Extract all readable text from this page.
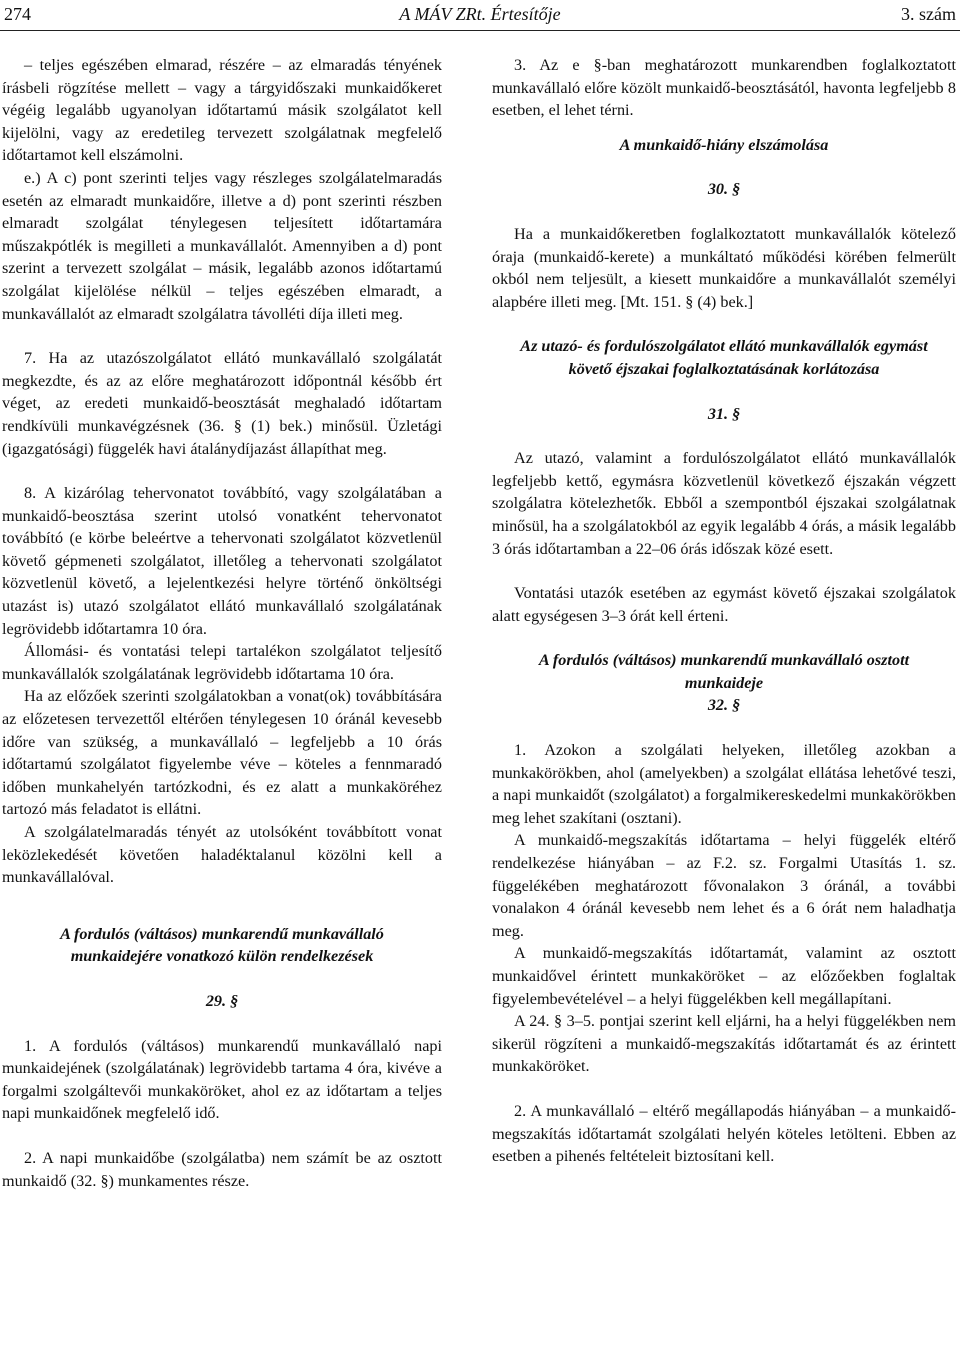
274	A MÁV ZRt. Értesítője	3. szám

– teljes egészében elmarad, részére – az elmaradás tényének írásbeli rögzítése mellett – vagy a tárgyidőszaki munkaidőkeret végéig legalább ugyanolyan időtartamú másik szolgálatot kell kijelölni, vagy az eredetileg tervezett szolgálatnak megfelelő időtartamot kell elszámolni.

e.) A c) pont szerinti teljes vagy részleges szolgálatelmaradás esetén az elmaradt munkaidőre, illetve a d) pont szerinti részben elmaradt szolgálat ténylegesen teljesített időtartamára műszakpótlék is megilleti a munkavállalót. Amennyiben a d) pont szerint a tervezett szolgálat – másik, legalább azonos időtartamú szolgálat kijelölése nélkül – teljes egészében elmaradt, a munkavállalót az elmaradt szolgálatra távolléti díja illeti meg.

7. Ha az utazószolgálatot ellátó munkavállaló szolgálatát megkezdte, és az az előre meghatározott időpontnál később ért véget, az eredeti munkaidő-beosztását meghaladó időtartam rendkívüli munkavégzésnek (36. § (1) bek.) minősül. Üzletági (igazgatósági) függelék havi átalánydíjazást állapíthat meg.

8. A kizárólag tehervonatot továbbító, vagy szolgálatában a munkaidő-beosztása szerint utolsó vonatként tehervonatot továbbító (e körbe beleértve a tehervonati szolgálatot közvetlenül követő gépmeneti szolgálatot, illetőleg a tehervonati szolgálatot közvetlenül követő, a lejelentkezési helyre történő önköltségi utazást is) utazó szolgálatot ellátó munkavállaló szolgálatának legrövidebb időtartamra 10 óra.

Állomási- és vontatási telepi tartalékon szolgálatot teljesítő munkavállalók szolgálatának legrövidebb időtartama 10 óra.

Ha az előzőek szerinti szolgálatokban a vonat(ok) továbbítására az előzetesen tervezettől eltérően ténylegesen 10 óránál kevesebb időre van szükség, a munkavállaló – legfeljebb a 10 órás időtartamú szolgálatot figyelembe véve – köteles a fennmaradó időben munkahelyén tartózkodni, és ez alatt a munkaköréhez tartozó más feladatot is ellátni.

A szolgálatelmaradás tényét az utolsóként továbbított vonat leközlekedését követően haladéktalanul közölni kell a munkavállalóval.

A fordulós (váltásos) munkarendű munkavállaló munkaidejére vonatkozó külön rendelkezések
29. §

1. A fordulós (váltásos) munkarendű munkavállaló napi munkaidejének (szolgálatának) legrövidebb tartama 4 óra, kivéve a forgalmi szolgáltevői munkaköröket, ahol ez az időtartam a teljes napi munkaidőnek megfelelő idő.

2. A napi munkaidőbe (szolgálatba) nem számít be az osztott munkaidő (32. §) munkamentes része.

3. Az e §-ban meghatározott munkarendben foglalkoztatott munkavállaló előre közölt munkaidő-beosztásától, havonta legfeljebb 8 esetben, el lehet térni.

A munkaidő-hiány elszámolása
30. §

Ha a munkaidőkeretben foglalkoztatott munkavállalók kötelező óraja (munkaidő-kerete) a munkáltató működési körében felmerült okból nem teljesült, a kiesett munkaidőre a munkavállalót személyi alapbére illeti meg. [Mt. 151. § (4) bek.]

Az utazó- és fordulószolgálatot ellátó munkavállalók egymást követő éjszakai foglalkoztatásának korlátozása
31. §

Az utazó, valamint a fordulószolgálatot ellátó munkavállalók legfeljebb kettő, egymásra közvetlenül következő éjszakán végzett szolgálatra kötelezhetők. Ebből a szempontból éjszakai szolgálatnak minősül, ha a szolgálatokból az egyik legalább 4 órás, a másik legalább 3 órás időtartamban a 22–06 órás időszak közé esett.

Vontatási utazók esetében az egymást követő éjszakai szolgálatok alatt egységesen 3–3 órát kell érteni.

A fordulós (váltásos) munkarendű munkavállaló osztott munkaideje
32. §

1. Azokon a szolgálati helyeken, illetőleg azokban a munkakörökben, ahol (amelyekben) a szolgálat ellátása lehetővé teszi, a napi munkaidőt (szolgálatot) a forgalmikereskedelmi munkakörökben meg lehet szakítani (osztani).

A munkaidő-megszakítás időtartama – helyi függelék eltérő rendelkezése hiányában – az F.2. sz. Forgalmi Utasítás 1. sz. függelékében meghatározott fővonalakon 3 óránál, a további vonalakon 4 óránál kevesebb nem lehet és a 6 órát nem haladhatja meg.

A munkaidő-megszakítás időtartamát, valamint az osztott munkaidővel érintett munkaköröket – az előzőekben foglaltak figyelembevételével – a helyi függelékben kell megállapítani.

A 24. § 3–5. pontjai szerint kell eljárni, ha a helyi függelékben nem sikerül rögzíteni a munkaidő-megszakítás időtartamát és az érintett munkaköröket.

2. A munkavállaló – eltérő megállapodás hiányában – a munkaidő-megszakítás időtartamát szolgálati helyén köteles letölteni. Ebben az esetben a pihenés feltételeit biztosítani kell.
